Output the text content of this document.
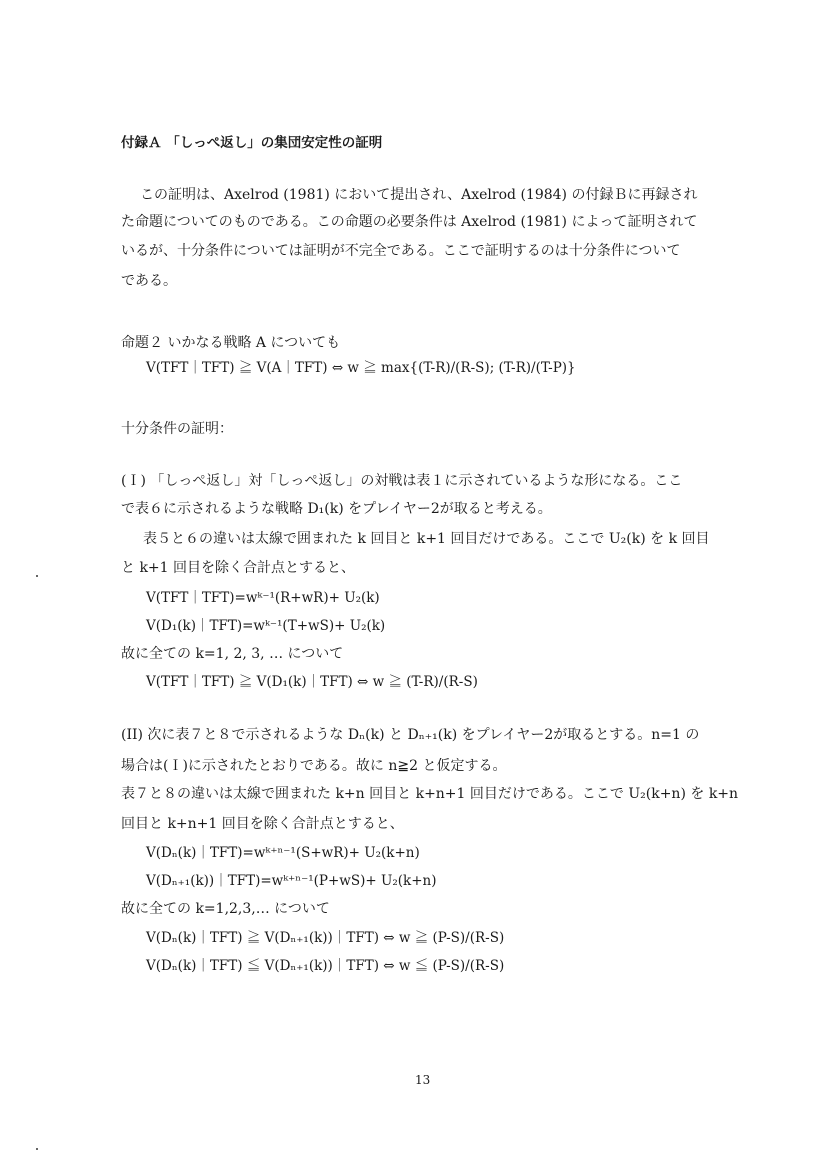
付録Ａ 「しっぺ返し」の集団安定性の証明
この証明は、Axelrod (1981) において提出され、Axelrod (1984) の付録Ｂに再録され
た命題についてのものである。この命題の必要条件は Axelrod (1981) によって証明されて
いるが、十分条件については証明が不完全である。ここで証明するのは十分条件について
である。
命題２ いかなる戦略 A についても
V(TFT｜TFT) ≧ V(A｜TFT) ⇔ w ≧ max{(T-R)/(R-S); (T-R)/(T-P)}
十分条件の証明：
(Ｉ) 「しっぺ返し」対「しっぺ返し」の対戦は表１に示されているような形になる。ここ
で表６に示されるような戦略 D₁(k) をプレイヤー2が取ると考える。
表５と６の違いは太線で囲まれた k 回目と k+1 回目だけである。ここで U₂(k) を k 回目
と k+1 回目を除く合計点とすると、
V(TFT｜TFT)=wᵏ⁻¹(R+wR)+ U₂(k)
V(D₁(k)｜TFT)=wᵏ⁻¹(T+wS)+ U₂(k)
故に全ての k=1, 2, 3, … について
V(TFT｜TFT) ≧ V(D₁(k)｜TFT) ⇔ w ≧ (T-R)/(R-S)
(II) 次に表７と８で示されるような Dₙ(k) と Dₙ₊₁(k) をプレイヤー2が取るとする。n=1 の
場合は(Ｉ)に示されたとおりである。故に n≧2 と仮定する。
表７と８の違いは太線で囲まれた k+n 回目と k+n+1 回目だけである。ここで U₂(k+n) を k+n
回目と k+n+1 回目を除く合計点とすると、
V(Dₙ(k)｜TFT)=wᵏ⁺ⁿ⁻¹(S+wR)+ U₂(k+n)
V(Dₙ₊₁(k))｜TFT)=wᵏ⁺ⁿ⁻¹(P+wS)+ U₂(k+n)
故に全ての k=1,2,3,… について
V(Dₙ(k)｜TFT) ≧ V(Dₙ₊₁(k))｜TFT) ⇔ w ≧ (P-S)/(R-S)
V(Dₙ(k)｜TFT) ≦ V(Dₙ₊₁(k))｜TFT) ⇔ w ≦ (P-S)/(R-S)
13
